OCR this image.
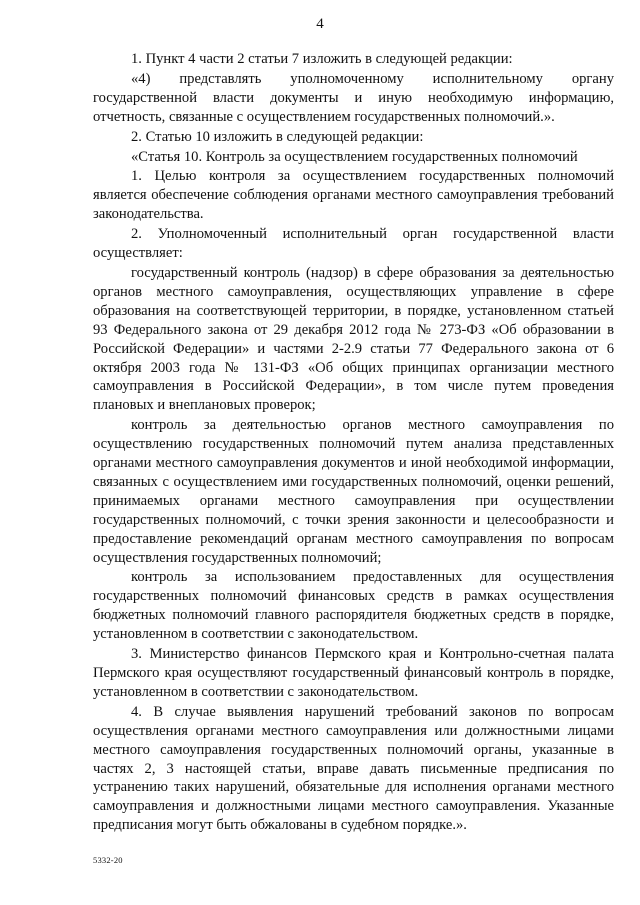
4

1. Пункт 4 части 2 статьи 7 изложить в следующей редакции:

«4) представлять уполномоченному исполнительному органу государственной власти документы и иную необходимую информацию, отчетность, связанные с осуществлением государственных полномочий.».

2. Статью 10 изложить в следующей редакции:

«Статья 10. Контроль за осуществлением государственных полномочий

1. Целью контроля за осуществлением государственных полномочий является обеспечение соблюдения органами местного самоуправления требований законодательства.

2. Уполномоченный исполнительный орган государственной власти осуществляет:

государственный контроль (надзор) в сфере образования за деятельностью органов местного самоуправления, осуществляющих управление в сфере образования на соответствующей территории, в порядке, установленном статьей 93 Федерального закона от 29 декабря 2012 года № 273-ФЗ «Об образовании в Российской Федерации» и частями 2-2.9 статьи 77 Федерального закона от 6 октября 2003 года № 131-ФЗ «Об общих принципах организации местного самоуправления в Российской Федерации», в том числе путем проведения плановых и внеплановых проверок;

контроль за деятельностью органов местного самоуправления по осуществлению государственных полномочий путем анализа представленных органами местного самоуправления документов и иной необходимой информации, связанных с осуществлением ими государственных полномочий, оценки решений, принимаемых органами местного самоуправления при осуществлении государственных полномочий, с точки зрения законности и целесообразности и предоставление рекомендаций органам местного самоуправления по вопросам осуществления государственных полномочий;

контроль за использованием предоставленных для осуществления государственных полномочий финансовых средств в рамках осуществления бюджетных полномочий главного распорядителя бюджетных средств в порядке, установленном в соответствии с законодательством.

3. Министерство финансов Пермского края и Контрольно-счетная палата Пермского края осуществляют государственный финансовый контроль в порядке, установленном в соответствии с законодательством.

4. В случае выявления нарушений требований законов по вопросам осуществления органами местного самоуправления или должностными лицами местного самоуправления государственных полномочий органы, указанные в частях 2, 3 настоящей статьи, вправе давать письменные предписания по устранению таких нарушений, обязательные для исполнения органами местного самоуправления и должностными лицами местного самоуправления. Указанные предписания могут быть обжалованы в судебном порядке.».

5332-20
